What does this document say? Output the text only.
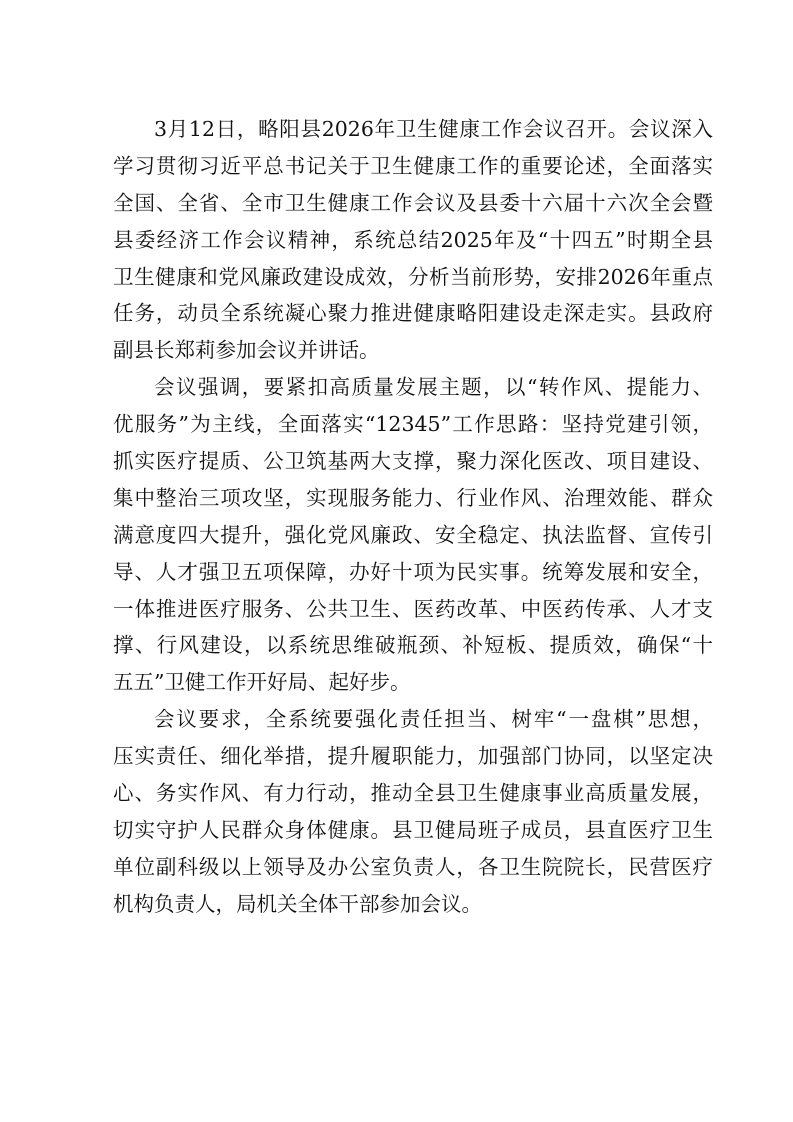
3月12日，略阳县2026年卫生健康工作会议召开。会议深入
学习贯彻习近平总书记关于卫生健康工作的重要论述，全面落实
全国、全省、全市卫生健康工作会议及县委十六届十六次全会暨
县委经济工作会议精神，系统总结2025年及“十四五”时期全县
卫生健康和党风廉政建设成效，分析当前形势，安排2026年重点
任务，动员全系统凝心聚力推进健康略阳建设走深走实。县政府
副县长郑莉参加会议并讲话。
会议强调，要紧扣高质量发展主题，以“转作风、提能力、
优服务”为主线，全面落实“12345”工作思路：坚持党建引领，
抓实医疗提质、公卫筑基两大支撑，聚力深化医改、项目建设、
集中整治三项攻坚，实现服务能力、行业作风、治理效能、群众
满意度四大提升，强化党风廉政、安全稳定、执法监督、宣传引
导、人才强卫五项保障，办好十项为民实事。统筹发展和安全，
一体推进医疗服务、公共卫生、医药改革、中医药传承、人才支
撑、行风建设，以系统思维破瓶颈、补短板、提质效，确保“十
五五”卫健工作开好局、起好步。
会议要求，全系统要强化责任担当、树牢“一盘棋”思想，
压实责任、细化举措，提升履职能力，加强部门协同，以坚定决
心、务实作风、有力行动，推动全县卫生健康事业高质量发展，
切实守护人民群众身体健康。县卫健局班子成员，县直医疗卫生
单位副科级以上领导及办公室负责人，各卫生院院长，民营医疗
机构负责人，局机关全体干部参加会议。
